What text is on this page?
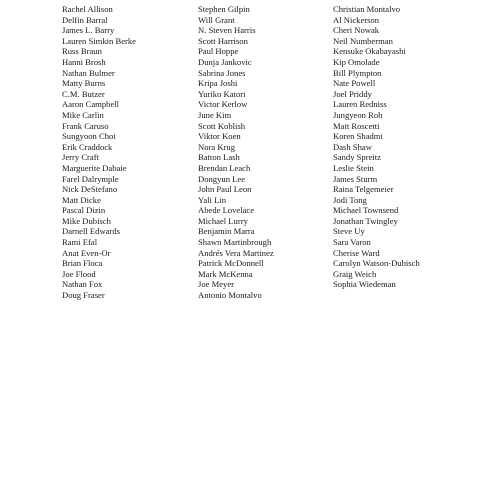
Rachel Allison
Delfin Barral
James L. Barry
Lauren Simkin Berke
Russ Braun
Hanni Brosh
Nathan Bulmer
Matty Burns
C.M. Butzer
Aaron Campbell
Mike Carlin
Frank Caruso
Sungyoon Choi
Erik Craddock
Jerry Craft
Marguerite Dabaie
Farel Dalrymple
Nick DeStefano
Matt Dicke
Pascal Dizin
Mike Dubisch
Darnell Edwards
Rami Efal
Anat Even-Or
Brian Floca
Joe Flood
Nathan Fox
Doug Fraser
Stephen Gilpin
Will Grant
N. Steven Harris
Scott Harrison
Paul Hoppe
Dunja Jankovic
Sabrina Jones
Kripa Joshi
Yuriko Katori
Victor Kerlow
June Kim
Scott Koblish
Viktor Koen
Nora Krug
Batton Lash
Brendan Leach
Dongyun Lee
John Paul Leon
Yali Lin
Abede Lovelace
Michael Lurry
Benjamin Marra
Shawn Martinbrough
Andrés Vera Martinez
Patrick McDonnell
Mark McKenna
Joe Meyer
Antonio Montalvo
Christian Montalvo
Al Nickerson
Cheri Nowak
Neil Numberman
Kensuke Okabayashi
Kip Omolade
Bill Plympton
Nate Powell
Joel Priddy
Lauren Redniss
Jungyeon Roh
Matt Roscetti
Koren Shadmi
Dash Shaw
Sandy Spreitz
Leslie Stein
James Sturm
Raina Telgemeier
Jodi Tong
Michael Townsend
Jonathan Twingley
Steve Uy
Sara Varon
Cherise Ward
Carolyn Watson-Dubisch
Graig Weich
Sophia Wiedeman
